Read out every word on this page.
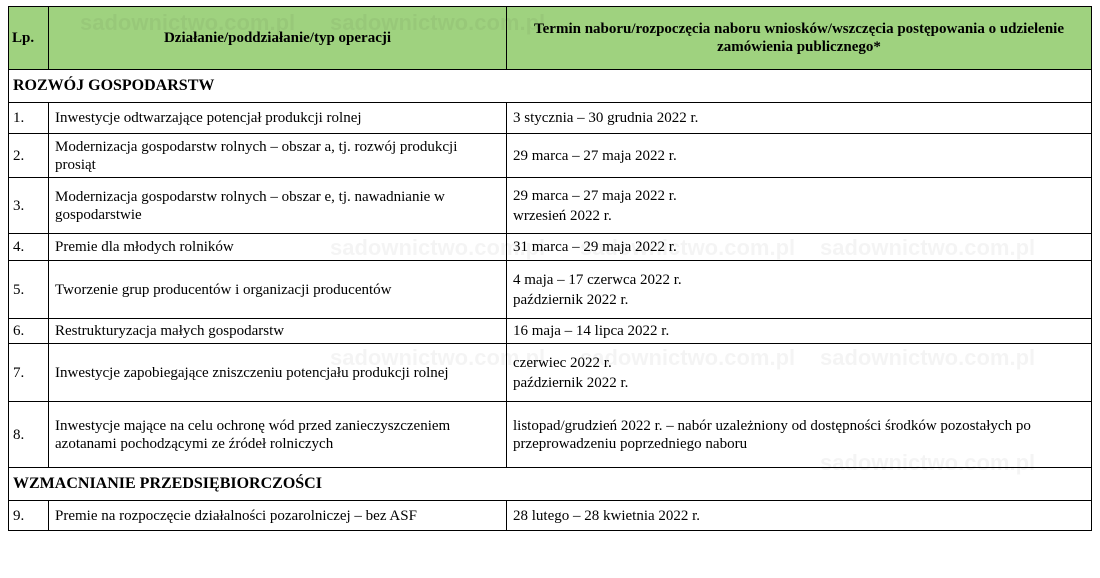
Lp.	Działanie/poddziałanie/typ operacji	Termin naboru/rozpoczęcia naboru wniosków/wszczęcia postępowania o udzielenie zamówienia publicznego*
ROZWÓJ GOSPODARSTW		
1.	Inwestycje odtwarzające potencjał produkcji rolnej	3 stycznia – 30 grudnia 2022 r.
2.	Modernizacja gospodarstw rolnych – obszar a, tj. rozwój produkcji prosiąt	29 marca – 27 maja 2022 r.
3.	Modernizacja gospodarstw rolnych – obszar e, tj. nawadnianie w gospodarstwie	29 marca – 27 maja 2022 r.
wrzesień 2022 r.

4.	Premie dla młodych rolników	31 marca – 29 maja 2022 r.
5.	Tworzenie grup producentów i organizacji producentów	4 maja – 17 czerwca 2022 r.
październik 2022 r.

6.	Restrukturyzacja małych gospodarstw	16 maja – 14 lipca 2022 r.
7.	Inwestycje zapobiegające zniszczeniu potencjału produkcji rolnej	czerwiec 2022 r.
październik 2022 r.

8.	Inwestycje mające na celu ochronę wód przed zanieczyszczeniem azotanami pochodzącymi ze źródeł rolniczych	listopad/grudzień 2022 r. – nabór uzależniony od dostępności środków pozostałych po przeprowadzeniu poprzedniego naboru
WZMACNIANIE PRZEDSIĘBIORCZOŚCI		
9.	Premie na rozpoczęcie działalności pozarolniczej – bez ASF	28 lutego – 28 kwietnia 2022 r.
